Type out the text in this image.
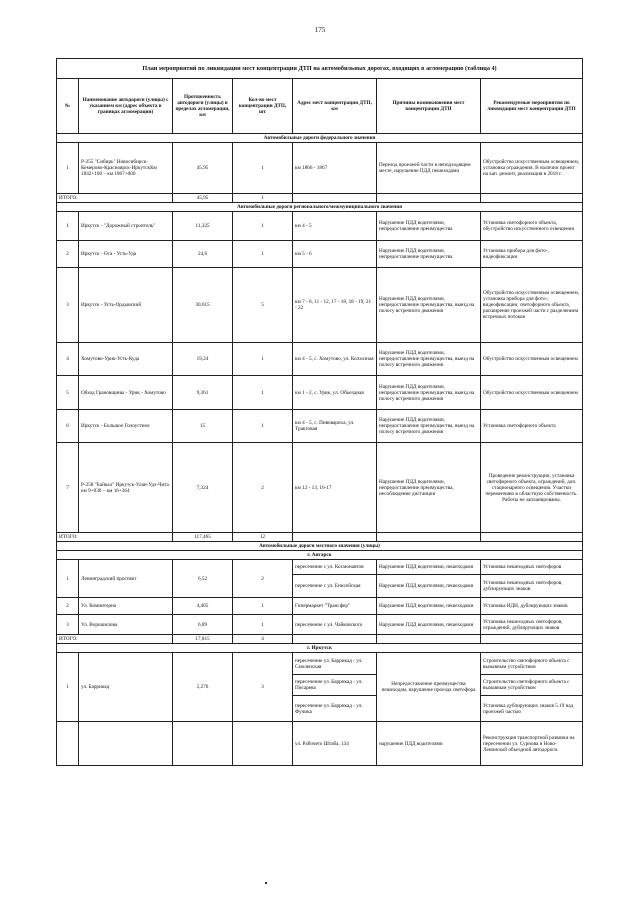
175
План мероприятий по ликвидации мест концентрации ДТП на автомобильных дорогах, входящих в агломерацию (таблица 4)						
№	Наименование автодороги (улицы) с указанием км (адрес объекта в границах агломерации)	Протяженность автодороги (улицы) в пределах агломерации, км	Кол-во мест концентрации ДТП, шт	Адрес мест концентрации ДТП, км	Причины возникновения мест концентрации ДТП	Рекомендуемые мероприятия по ликвидации мест концентрации ДТП
Автомобильные дороги федерального значения						
1	Р-255 "Сибирь" Новосибирск-Кемерово-Красноярск-ИркутскКм 1842+100 – км 1867+000	45,95	1	км 1866 - 1867	Переход проезжей части в неподходящем месте, нарушение ПДД пешеходами	Обустройство искусственным освещением, установка ограждения. В наличии проект на кап. ремонт, реализация в 2018 г.
ИТОГО:		45,95	1			
Автомобильные дороги регионального/межмуниципального значения						
1	Иркутск - "Дорожный строитель"	11,325	1	км 4 - 5	Нарушение ПДД водителями, непредоставление преимущества	Установка светофорного объекта, обустройство искусственного освещения
2	Иркутск - Оса - Усть-Уда	24,6	1	км 5 - 6	Нарушение ПДД водителями, непредоставление преимущества	Установка прибора для фото-, видеофиксации
3	Иркутск - Усть-Ордынский	30,615	5	км 7 - 8, 11 - 12, 17 - 18, 18 - 19, 21 - 22	Нарушение ПДД водителями, непредоставление преимущества, выезд на полосу встречного движения	Обустройство искусственным освещением, установка прибора для фото-, видеофиксации, светофорного объекта, расширение проезжей части с разделением встречных потоков
4	Хомутово-Урик-Усть-Куда	19,24	1	км 4 - 5, с. Хомутово, ул. Колхозная	Нарушение ПДД водителями, непредоставление преимущества, выезд на полосу встречного движения	Обустройство искусственным освещением
5	Обход Грановщины - Урик - Хомутово	9,361	1	км 1 - 2, с. Урик, ул. Объездная	Нарушение ПДД водителями, непредоставление преимущества, выезд на полосу встречного движения	Обустройство искусственным освещением
6	Иркутск - Большое Голоустное	15	1	км 4 - 5, с. Пивоварихa, ул. Трактовая	Нарушение ПДД водителями, непредоставление преимущества, выезд на полосу встречного движения	Установка светофорного объекта
7	Р-258 "Байкал" Иркутск-Улан-Удэ-Чита км 9+030 – км 16+364	7,324	2	км 12 - 13, 16-17	Нарушение ПДД водителями, непредоставление преимущества, несоблюдение дистанции	Проведение реконструкции, установка светофорного объекта, ограждений, доп. стационарного освещения. Участки переменчиво в областную собственность. Работы не запланированы.
ИТОГО:		117,465	12			
Автомобильные дороги местного значения (улицы)						
г. Ангарск						
1	Ленинградский проспект	6,52	2	пересечение с ул. Космонавтов	Нарушение ПДД водителями, пешеходами	Установка пешеходных светофоров
				пересечение с ул. Енисейская	Нарушение ПДД водителями, пешеходами	Установка пешеходных светофоров, дублирующих знаков
2	Ул. Коминтерна	4,405	1	Гипермаркет "Трансфер"	Нарушение ПДД водителями, пешеходами	Установка ИДН, дублирующих знаков
3	Ул. Ворошилова	6,89	1	пересечение с ул. Чайковского	Нарушение ПДД водителями, пешеходами	Установка пешеходных светофоров, ограждений, дублирующих знаков
ИТОГО:		17,815	4			
г. Иркутск						
1	ул. Баррикад	5,276	3	пересечение ул. Баррикад - ул. Смоленская	Непредоставление преимущества пешеходам, нарушение проезда светофора	Строительство светофорного объекта с вызывным устройством
				пересечение ул. Баррикад - ул. Писарева		Строительство светофорного объекта с вызывным устройством
				пересечение ул. Баррикад - ул. Фучика		Установка дублирующих знаков 5.19 над проезжей частью
				ул. Рабочего Штаба, 134	нарушение ПДД водителями	Реконструкция транспортной развязки на пересечении ул. Сурнова и Ново-Ленинской объездной автодороги.
